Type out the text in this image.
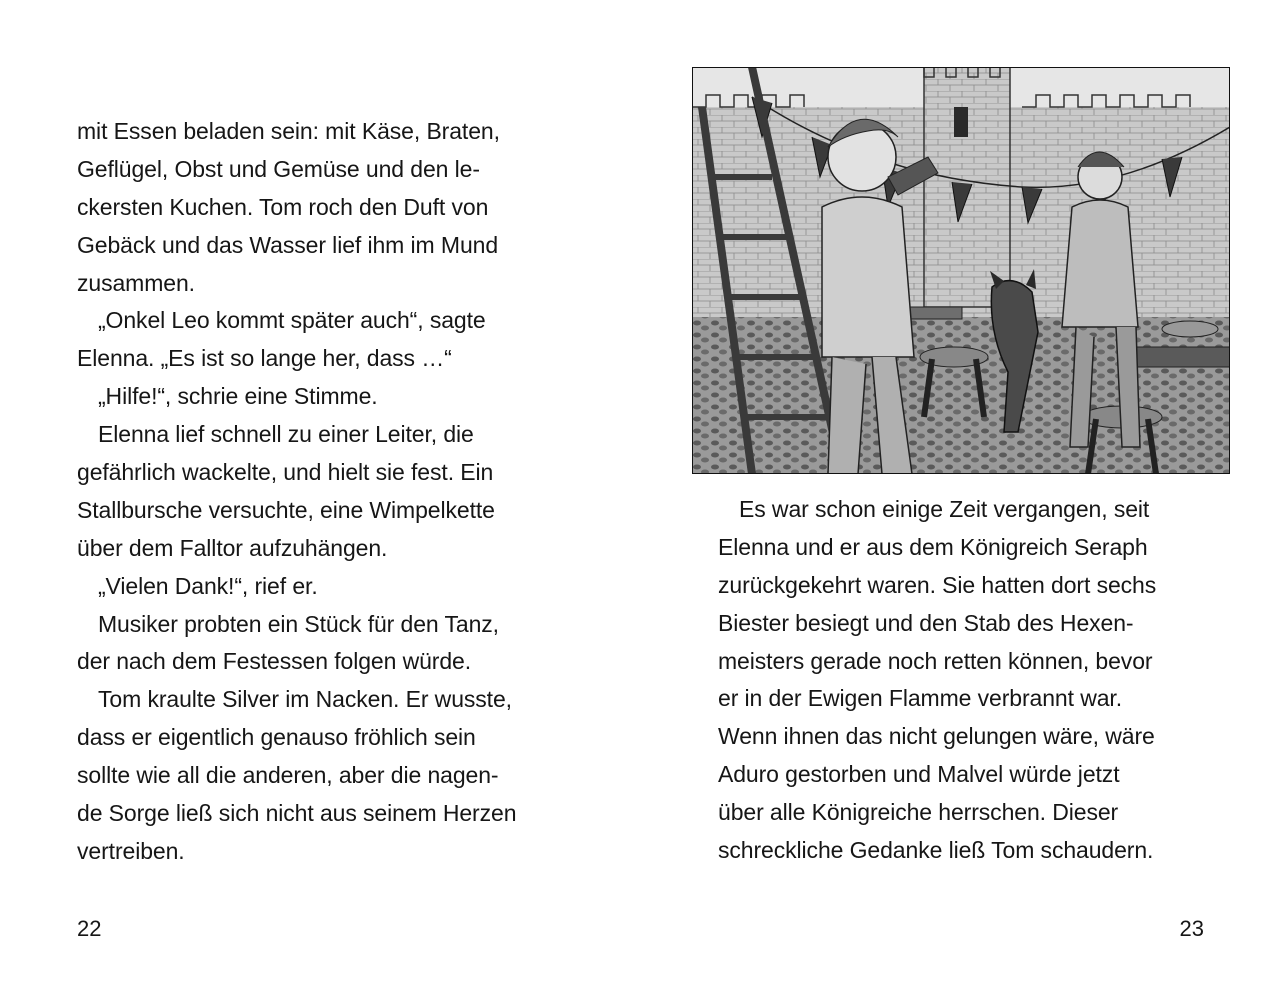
mit Essen beladen sein: mit Käse, Braten,
Geflügel, Obst und Gemüse und den le-
ckersten Kuchen. Tom roch den Duft von
Gebäck und das Wasser lief ihm im Mund
zusammen.
„Onkel Leo kommt später auch“, sagte
Elenna. „Es ist so lange her, dass …“
„Hilfe!“, schrie eine Stimme.
Elenna lief schnell zu einer Leiter, die
gefährlich wackelte, und hielt sie fest. Ein
Stallbursche versuchte, eine Wimpelkette
über dem Falltor aufzuhängen.
„Vielen Dank!“, rief er.
Musiker probten ein Stück für den Tanz,
der nach dem Festessen folgen würde.
Tom kraulte Silver im Nacken. Er wusste,
dass er eigentlich genauso fröhlich sein
sollte wie all die anderen, aber die nagen-
de Sorge ließ sich nicht aus seinem Herzen
vertreiben.
22
Es war schon einige Zeit vergangen, seit
Elenna und er aus dem Königreich Seraph
zurückgekehrt waren. Sie hatten dort sechs
Biester besiegt und den Stab des Hexen-
meisters gerade noch retten können, bevor
er in der Ewigen Flamme verbrannt war.
Wenn ihnen das nicht gelungen wäre, wäre
Aduro gestorben und Malvel würde jetzt
über alle Königreiche herrschen. Dieser
schreckliche Gedanke ließ Tom schaudern.
23
